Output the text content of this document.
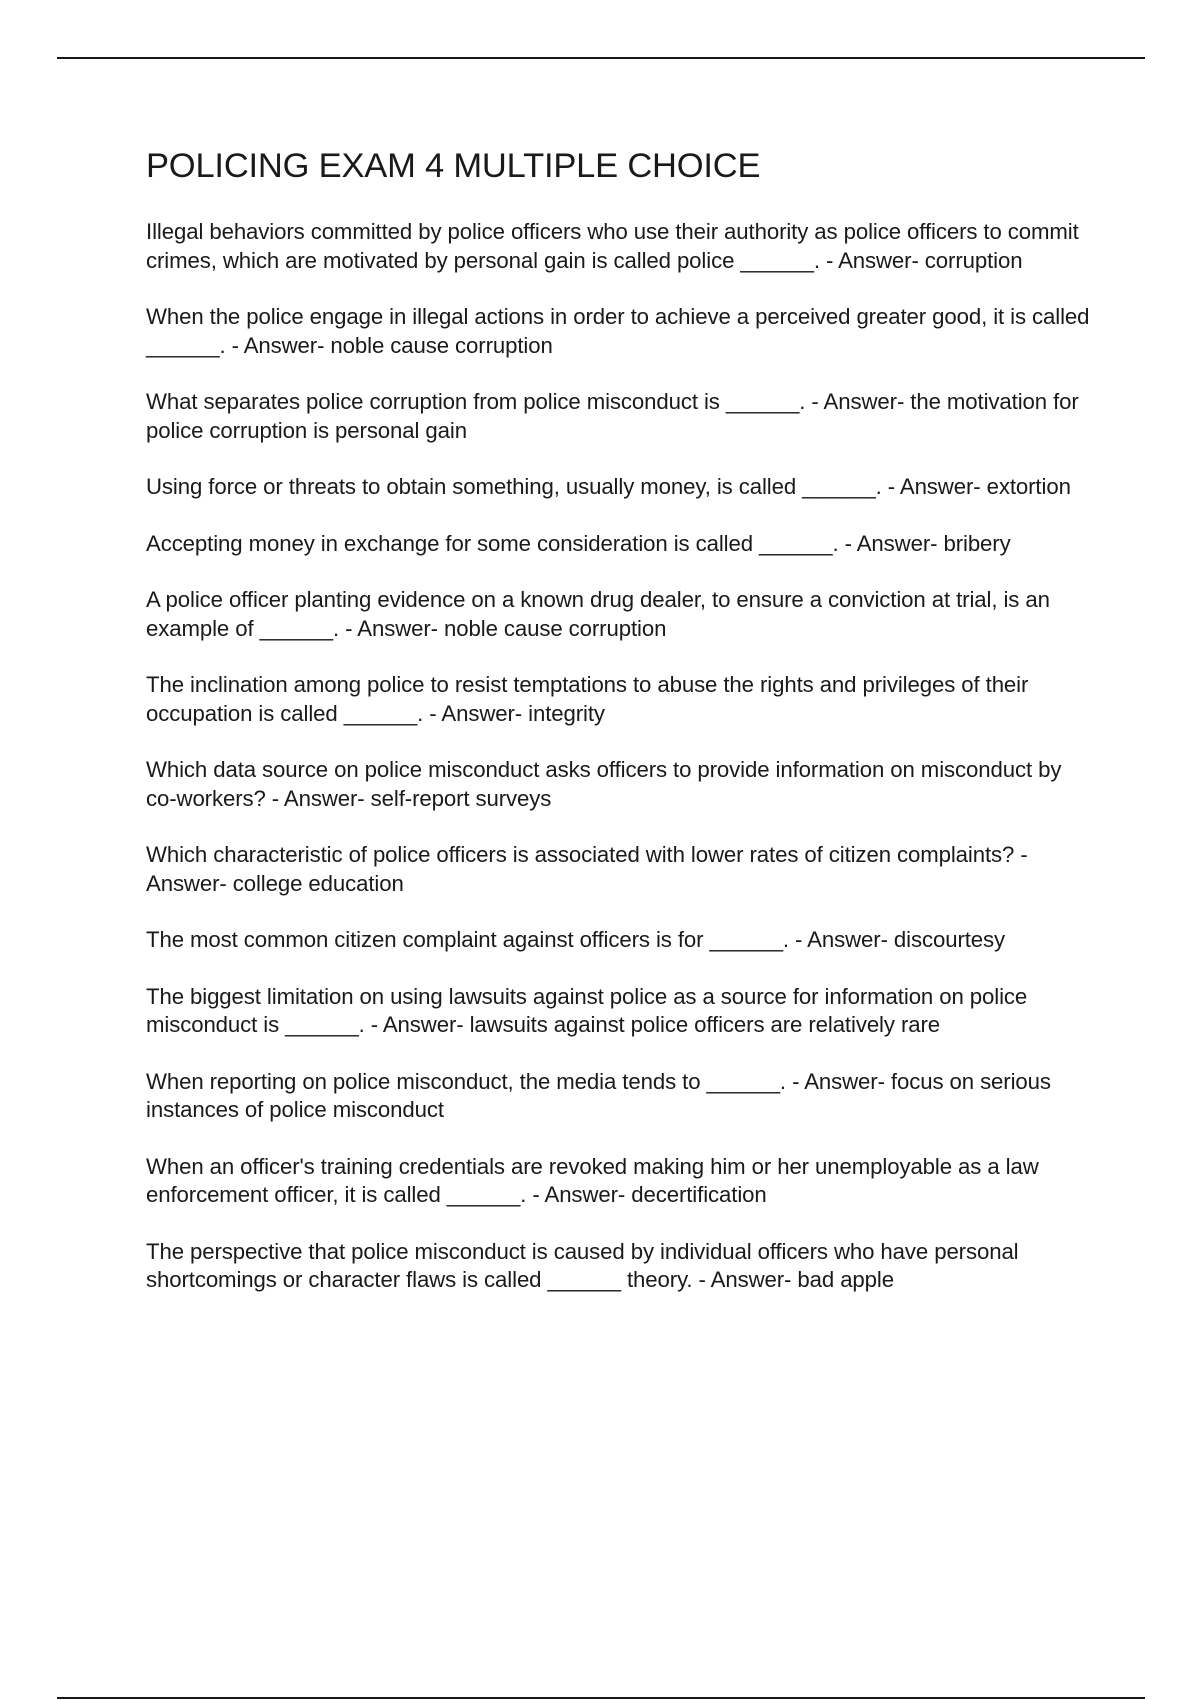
POLICING EXAM 4 MULTIPLE CHOICE

Illegal behaviors committed by police officers who use their authority as police officers to commit crimes, which are motivated by personal gain is called police ______. - Answer- corruption

When the police engage in illegal actions in order to achieve a perceived greater good, it is called ______. - Answer- noble cause corruption

What separates police corruption from police misconduct is ______. - Answer- the motivation for police corruption is personal gain

Using force or threats to obtain something, usually money, is called ______. - Answer- extortion

Accepting money in exchange for some consideration is called ______. - Answer- bribery

A police officer planting evidence on a known drug dealer, to ensure a conviction at trial, is an example of ______. - Answer- noble cause corruption

The inclination among police to resist temptations to abuse the rights and privileges of their occupation is called ______. - Answer- integrity

Which data source on police misconduct asks officers to provide information on misconduct by co-workers? - Answer- self-report surveys

Which characteristic of police officers is associated with lower rates of citizen complaints? - Answer- college education

The most common citizen complaint against officers is for ______. - Answer- discourtesy

The biggest limitation on using lawsuits against police as a source for information on police misconduct is ______. - Answer- lawsuits against police officers are relatively rare

When reporting on police misconduct, the media tends to ______. - Answer- focus on serious instances of police misconduct

When an officer's training credentials are revoked making him or her unemployable as a law enforcement officer, it is called ______. - Answer- decertification

The perspective that police misconduct is caused by individual officers who have personal shortcomings or character flaws is called ______ theory. - Answer- bad apple
